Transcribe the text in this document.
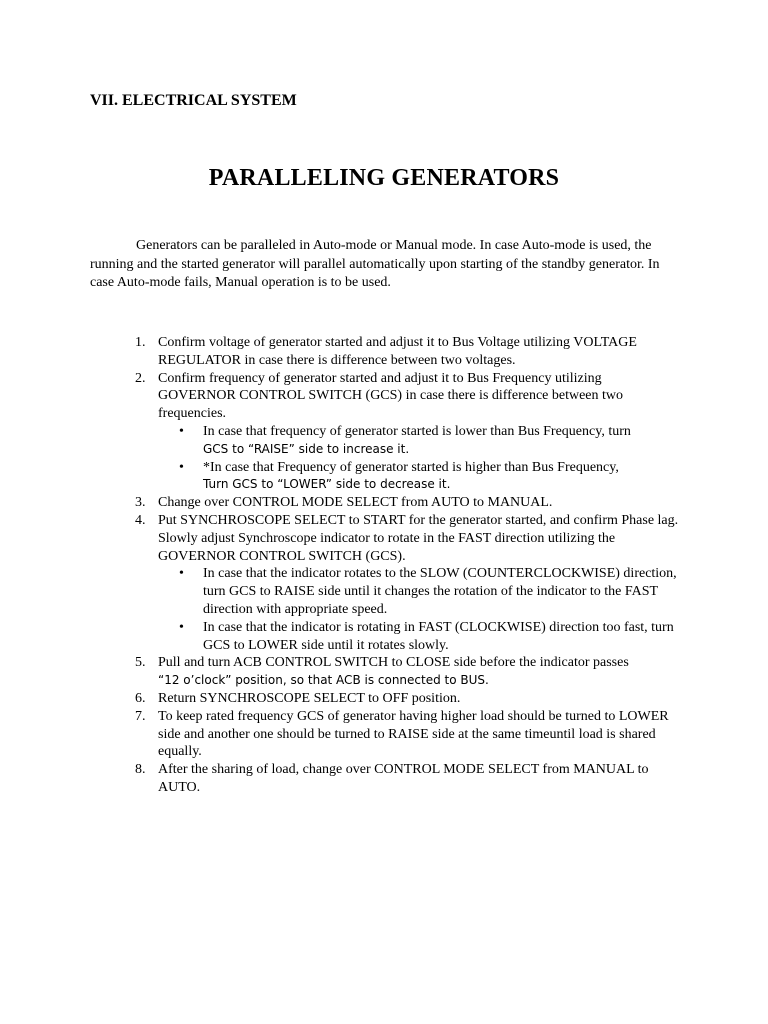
VII. ELECTRICAL SYSTEM
PARALLELING GENERATORS

Generators can be paralleled in Auto-mode or Manual mode. In case Auto-mode is used, the running and the started generator will parallel automatically upon starting of the standby generator. In case Auto-mode fails, Manual operation is to be used.

1. Confirm voltage of generator started and adjust it to Bus Voltage utilizing VOLTAGE REGULATOR in case there is difference between two voltages.
2. Confirm frequency of generator started and adjust it to Bus Frequency utilizing GOVERNOR CONTROL SWITCH (GCS) in case there is difference between two frequencies.
• In case that frequency of generator started is lower than Bus Frequency, turn
GCS to “RAISE” side to increase it.
• *In case that Frequency of generator started is higher than Bus Frequency,
Turn GCS to “LOWER” side to decrease it.
3. Change over CONTROL MODE SELECT from AUTO to MANUAL.
4. Put SYNCHROSCOPE SELECT to START for the generator started, and confirm Phase lag. Slowly adjust Synchroscope indicator to rotate in the FAST direction utilizing the GOVERNOR CONTROL SWITCH (GCS).
• In case that the indicator rotates to the SLOW (COUNTERCLOCKWISE) direction, turn GCS to RAISE side until it changes the rotation of the indicator to the FAST direction with appropriate speed.
• In case that the indicator is rotating in FAST (CLOCKWISE) direction too fast, turn GCS to LOWER side until it rotates slowly.
5. Pull and turn ACB CONTROL SWITCH to CLOSE side before the indicator passes
“12 o’clock” position, so that ACB is connected to BUS.
6. Return SYNCHROSCOPE SELECT to OFF position.
7. To keep rated frequency GCS of generator having higher load should be turned to LOWER side and another one should be turned to RAISE side at the same timeuntil load is shared equally.
8. After the sharing of load, change over CONTROL MODE SELECT from MANUAL to AUTO.
